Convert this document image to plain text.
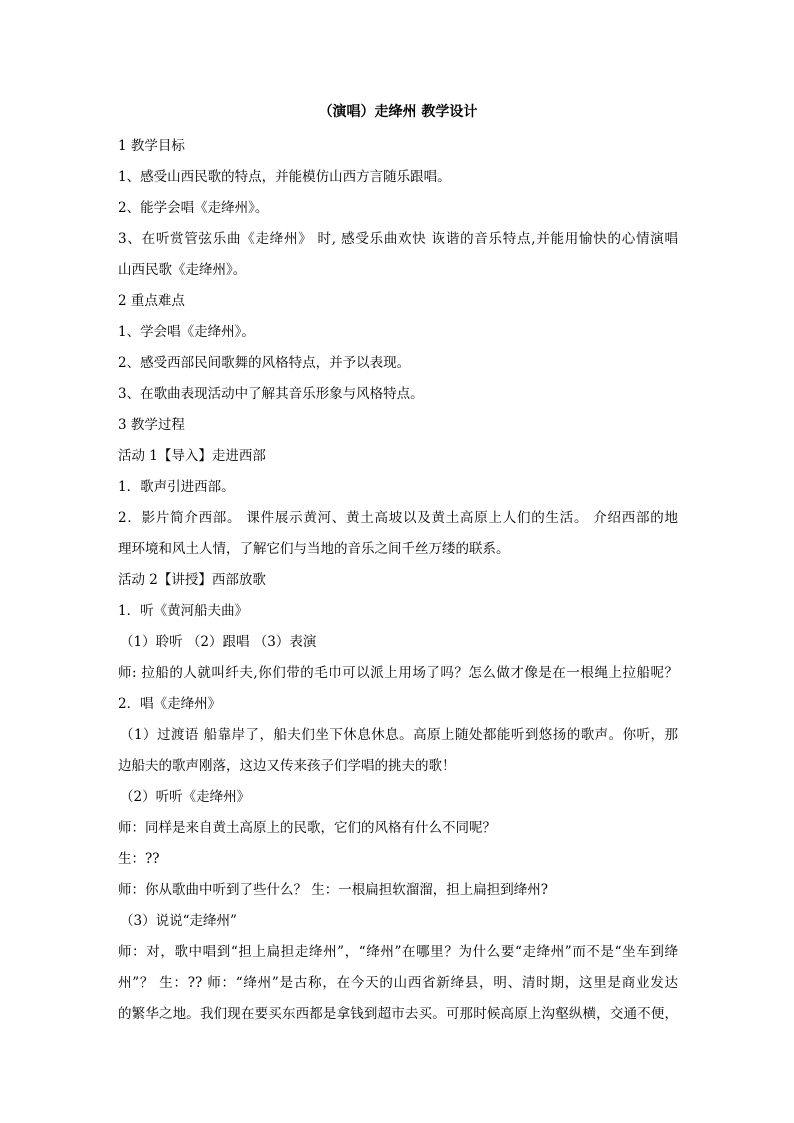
（演唱）走绛州 教学设计
1 教学目标
1、感受山西民歌的特点，并能模仿山西方言随乐跟唱。
2、能学会唱《走绛州》。
3、在听赏管弦乐曲《走绛州》 时, 感受乐曲欢快 诙谐的音乐特点,并能用愉快的心情演唱
山西民歌《走绛州》。
2 重点难点
1、学会唱《走绛州》。
2、感受西部民间歌舞的风格特点，并予以表现。
3、在歌曲表现活动中了解其音乐形象与风格特点。
3 教学过程
活动 1【导入】走进西部
1．歌声引进西部。
2．影片简介西部。 课件展示黄河、黄土高坡以及黄土高原上人们的生活。 介绍西部的地
理环境和风土人情，了解它们与当地的音乐之间千丝万缕的联系。
活动 2【讲授】西部放歌
1．听《黄河船夫曲》
（1）聆听 （2）跟唱 （3）表演
师: 拉船的人就叫纤夫,你们带的毛巾可以派上用场了吗？怎么做才像是在一根绳上拉船呢？
2．唱《走绛州》
（1）过渡语 船靠岸了，船夫们坐下休息休息。高原上随处都能听到悠扬的歌声。你听，那
边船夫的歌声刚落，这边又传来孩子们学唱的挑夫的歌！
（2）听听《走绛州》
师：同样是来自黄土高原上的民歌，它们的风格有什么不同呢？
生：??
师：你从歌曲中听到了些什么？ 生：一根扁担软溜溜，担上扁担到绛州?
（3）说说“走绛州”
师：对，歌中唱到“担上扁担走绛州”，“绛州”在哪里？为什么要“走绛州”而不是“坐车到绛
州”？ 生：?? 师：“绛州”是古称，在今天的山西省新绛县，明、清时期，这里是商业发达
的繁华之地。我们现在要买东西都是拿钱到超市去买。可那时候高原上沟壑纵横，交通不便，
